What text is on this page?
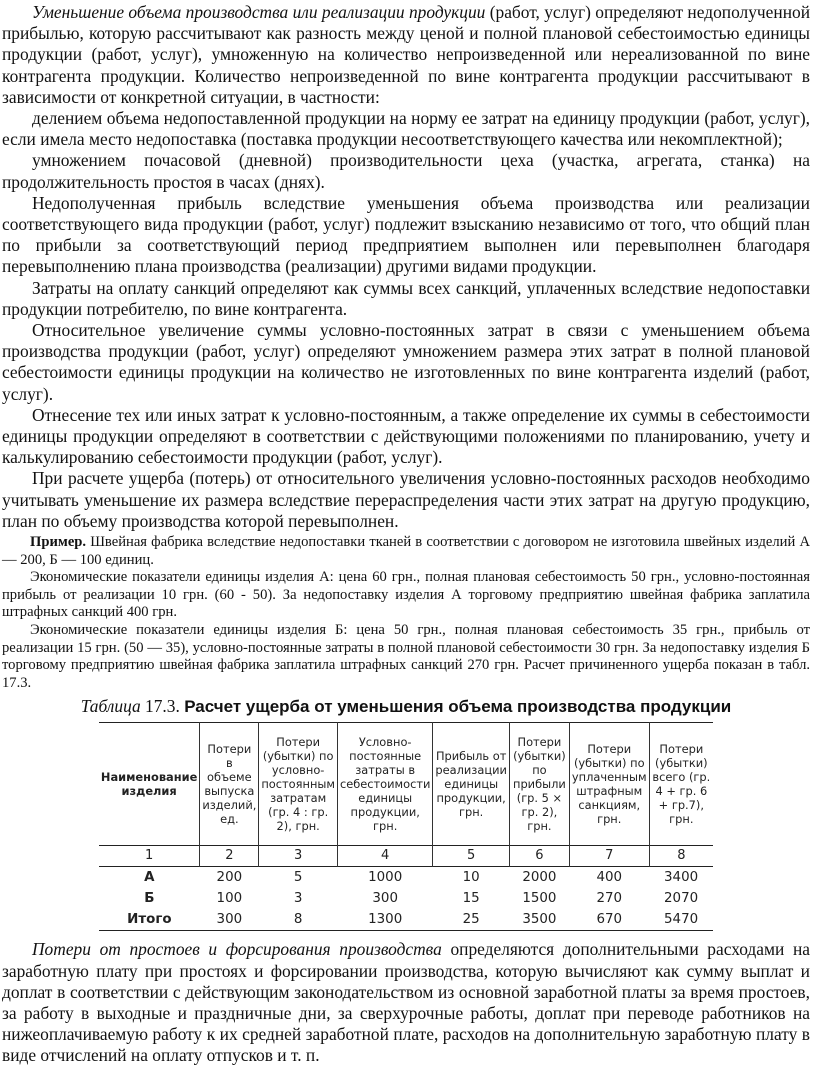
Уменьшение объема производства или реализации продукции (работ, услуг) определяют недополученной прибылью, которую рассчитывают как разность между ценой и полной плановой себестоимостью единицы продукции (работ, услуг), умноженную на количество непроизведенной или нереализованной по вине контрагента продукции. Количество непроизведенной по вине контрагента продукции рассчитывают в зависимости от конкретной ситуации, в частности:

делением объема недопоставленной продукции на норму ее затрат на единицу продукции (работ, услуг), если имела место недопоставка (поставка продукции несоответствующего качества или некомплектной);

умножением почасовой (дневной) производительности цеха (участка, агрегата, станка) на продолжительность простоя в часах (днях).

Недополученная прибыль вследствие уменьшения объема производства или реализации соответствующего вида продукции (работ, услуг) подлежит взысканию независимо от того, что общий план по прибыли за соответствующий период предприятием выполнен или перевыполнен благодаря перевыполнению плана производства (реализации) другими видами продукции.

Затраты на оплату санкций определяют как суммы всех санкций, уплаченных вследствие недопоставки продукции потребителю, по вине контрагента.

Относительное увеличение суммы условно-постоянных затрат в связи с уменьшением объема производства продукции (работ, услуг) определяют умножением размера этих затрат в полной плановой себестоимости единицы продукции на количество не изготовленных по вине контрагента изделий (работ, услуг).

Отнесение тех или иных затрат к условно-постоянным, а также определение их суммы в себестоимости единицы продукции определяют в соответствии с действующими положениями по планированию, учету и калькулированию себестоимости продукции (работ, услуг).

При расчете ущерба (потерь) от относительного увеличения условно-постоянных расходов необходимо учитывать уменьшение их размера вследствие перераспределения части этих затрат на другую продукцию, план по объему производства которой перевыполнен.

Пример. Швейная фабрика вследствие недопоставки тканей в соответствии с договором не изготовила швейных изделий А — 200, Б — 100 единиц.

Экономические показатели единицы изделия А: цена 60 грн., полная плановая себестоимость 50 грн., условно-постоянная прибыль от реализации 10 грн. (60 - 50). За недопоставку изделия А торговому предприятию швейная фабрика заплатила штрафных санкций 400 грн.

Экономические показатели единицы изделия Б: цена 50 грн., полная плановая себестоимость 35 грн., прибыль от реализации 15 грн. (50 — 35), условно-постоянные затраты в полной плановой себестоимости 30 грн. За недопоставку изделия Б торговому предприятию швейная фабрика заплатила штрафных санкций 270 грн. Расчет причиненного ущерба показан в табл. 17.3.

Таблица 17.3. Расчет ущерба от уменьшения объема производства продукции
Наименование изделия	Потери в объеме выпуска изделий, ед.	Потери (убытки) по условно-постоянным затратам (гр. 4 : гр. 2), грн.	Условно-постоянные затраты в себестоимости единицы продукции, грн.	Прибыль от реализации единицы продукции, грн.	Потери (убытки) по прибыли (гр. 5 × гр. 2), грн.	Потери (убытки) по уплаченным штрафным санкциям, грн.	Потери (убытки) всего (гр. 4 + гр. 6 + гр.7), грн.
1	2	3	4	5	6	7	8
А	200	5	1000	10	2000	400	3400
Б	100	3	300	15	1500	270	2070
Итого	300	8	1300	25	3500	670	5470

Потери от простоев и форсирования производства определяются дополнительными расходами на заработную плату при простоях и форсировании производства, которую вычисляют как сумму выплат и доплат в соответствии с действующим законодательством из основной заработной платы за время простоев, за работу в выходные и праздничные дни, за сверхурочные работы, доплат при переводе работников на нижеоплачиваемую работу к их средней заработной плате, расходов на дополнительную заработную плату в виде отчислений на оплату отпусков и т. п.
